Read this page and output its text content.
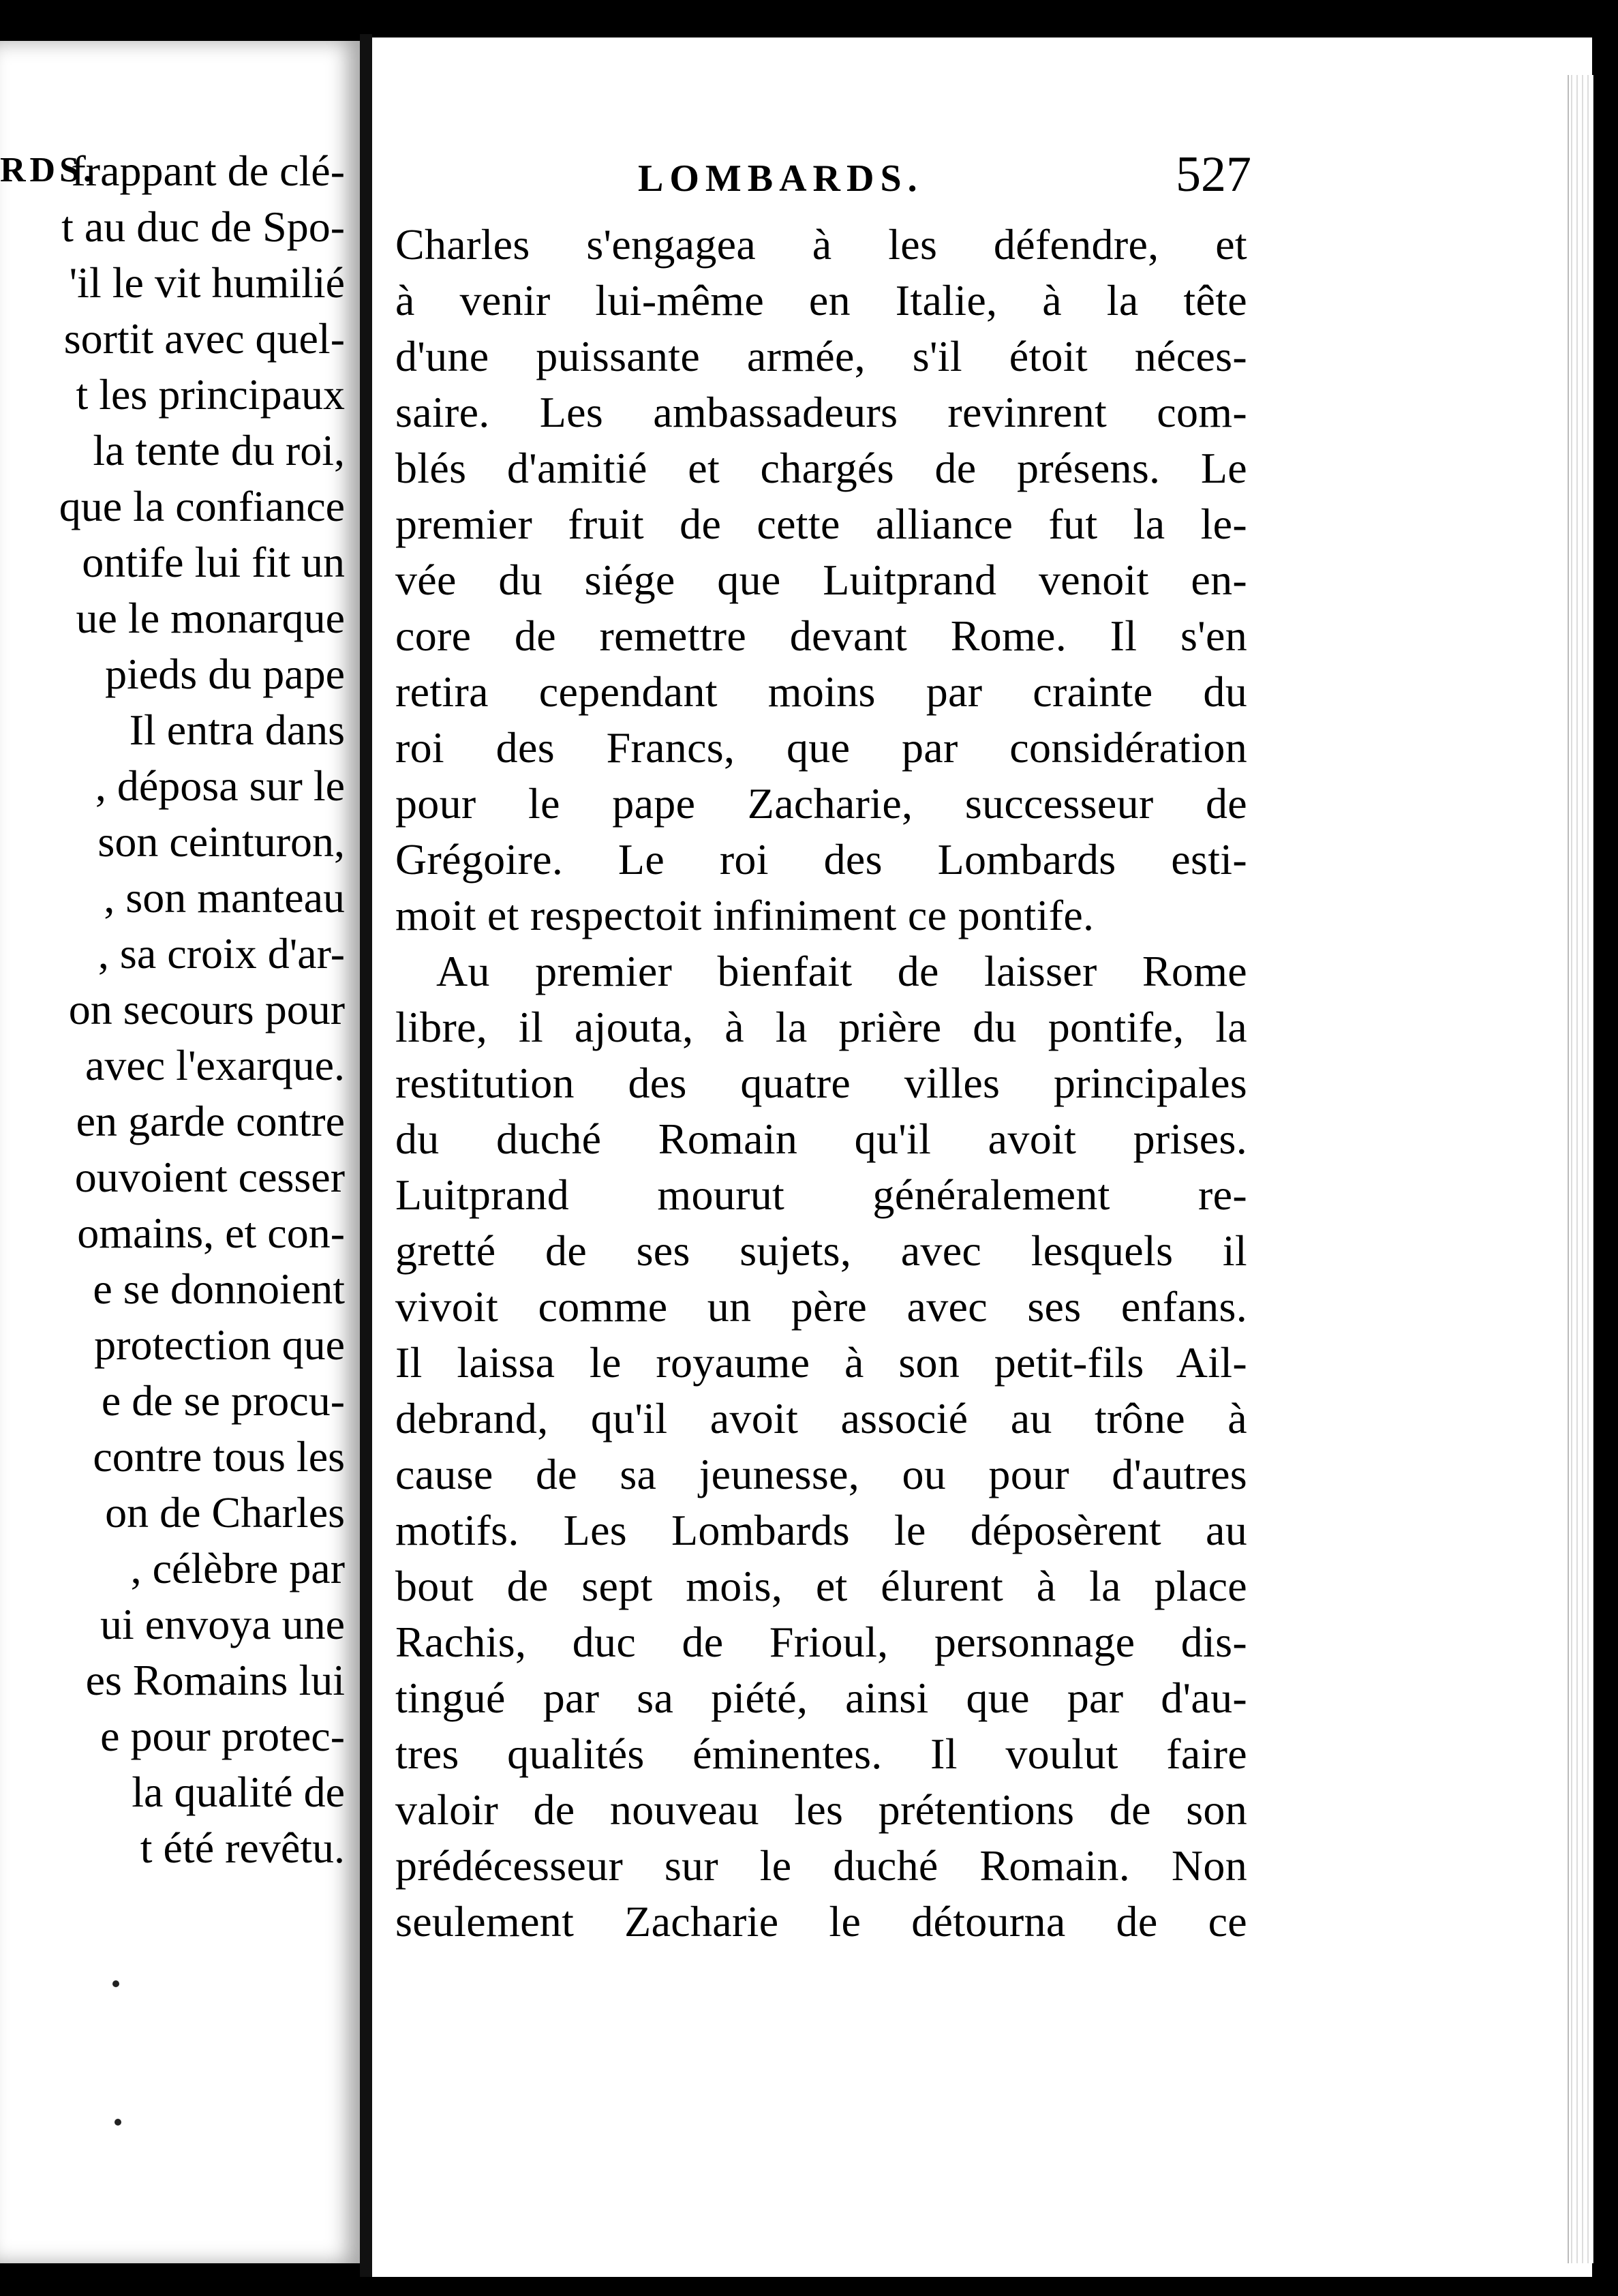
RDS.
frappant de clé-
t au duc de Spo-
'il le vit humilié
sortit avec quel-
t les principaux
la tente du roi,
que la confiance
ontife lui fit un
ue le monarque
pieds du pape
Il entra dans
, déposa sur le
son ceinturon,
, son manteau
, sa croix d'ar-
on secours pour
avec l'exarque.
en garde contre
ouvoient cesser
omains, et con-
e se donnoient
protection que
e de se procu-
contre tous les
on de Charles
, célèbre par
ui envoya une
es Romains lui
e pour protec-
la qualité de
t été revêtu.
LOMBARDS.	527
Charles s'engagea à les défendre, et
à venir lui-même en Italie, à la tête
d'une puissante armée, s'il étoit néces-
saire. Les ambassadeurs revinrent com-
blés d'amitié et chargés de présens. Le
premier fruit de cette alliance fut la le-
vée du siége que Luitprand venoit en-
core de remettre devant Rome. Il s'en
retira cependant moins par crainte du
roi des Francs, que par considération
pour le pape Zacharie, successeur de
Grégoire. Le roi des Lombards esti-
moit et respectoit infiniment ce pontife.
Au premier bienfait de laisser Rome
libre, il ajouta, à la prière du pontife, la
restitution des quatre villes principales
du duché Romain qu'il avoit prises.
Luitprand mourut généralement re-
gretté de ses sujets, avec lesquels il
vivoit comme un père avec ses enfans.
Il laissa le royaume à son petit-fils Ail-
debrand, qu'il avoit associé au trône à
cause de sa jeunesse, ou pour d'autres
motifs. Les Lombards le déposèrent au
bout de sept mois, et élurent à la place
Rachis, duc de Frioul, personnage dis-
tingué par sa piété, ainsi que par d'au-
tres qualités éminentes. Il voulut faire
valoir de nouveau les prétentions de son
prédécesseur sur le duché Romain. Non
seulement Zacharie le détourna de ce
